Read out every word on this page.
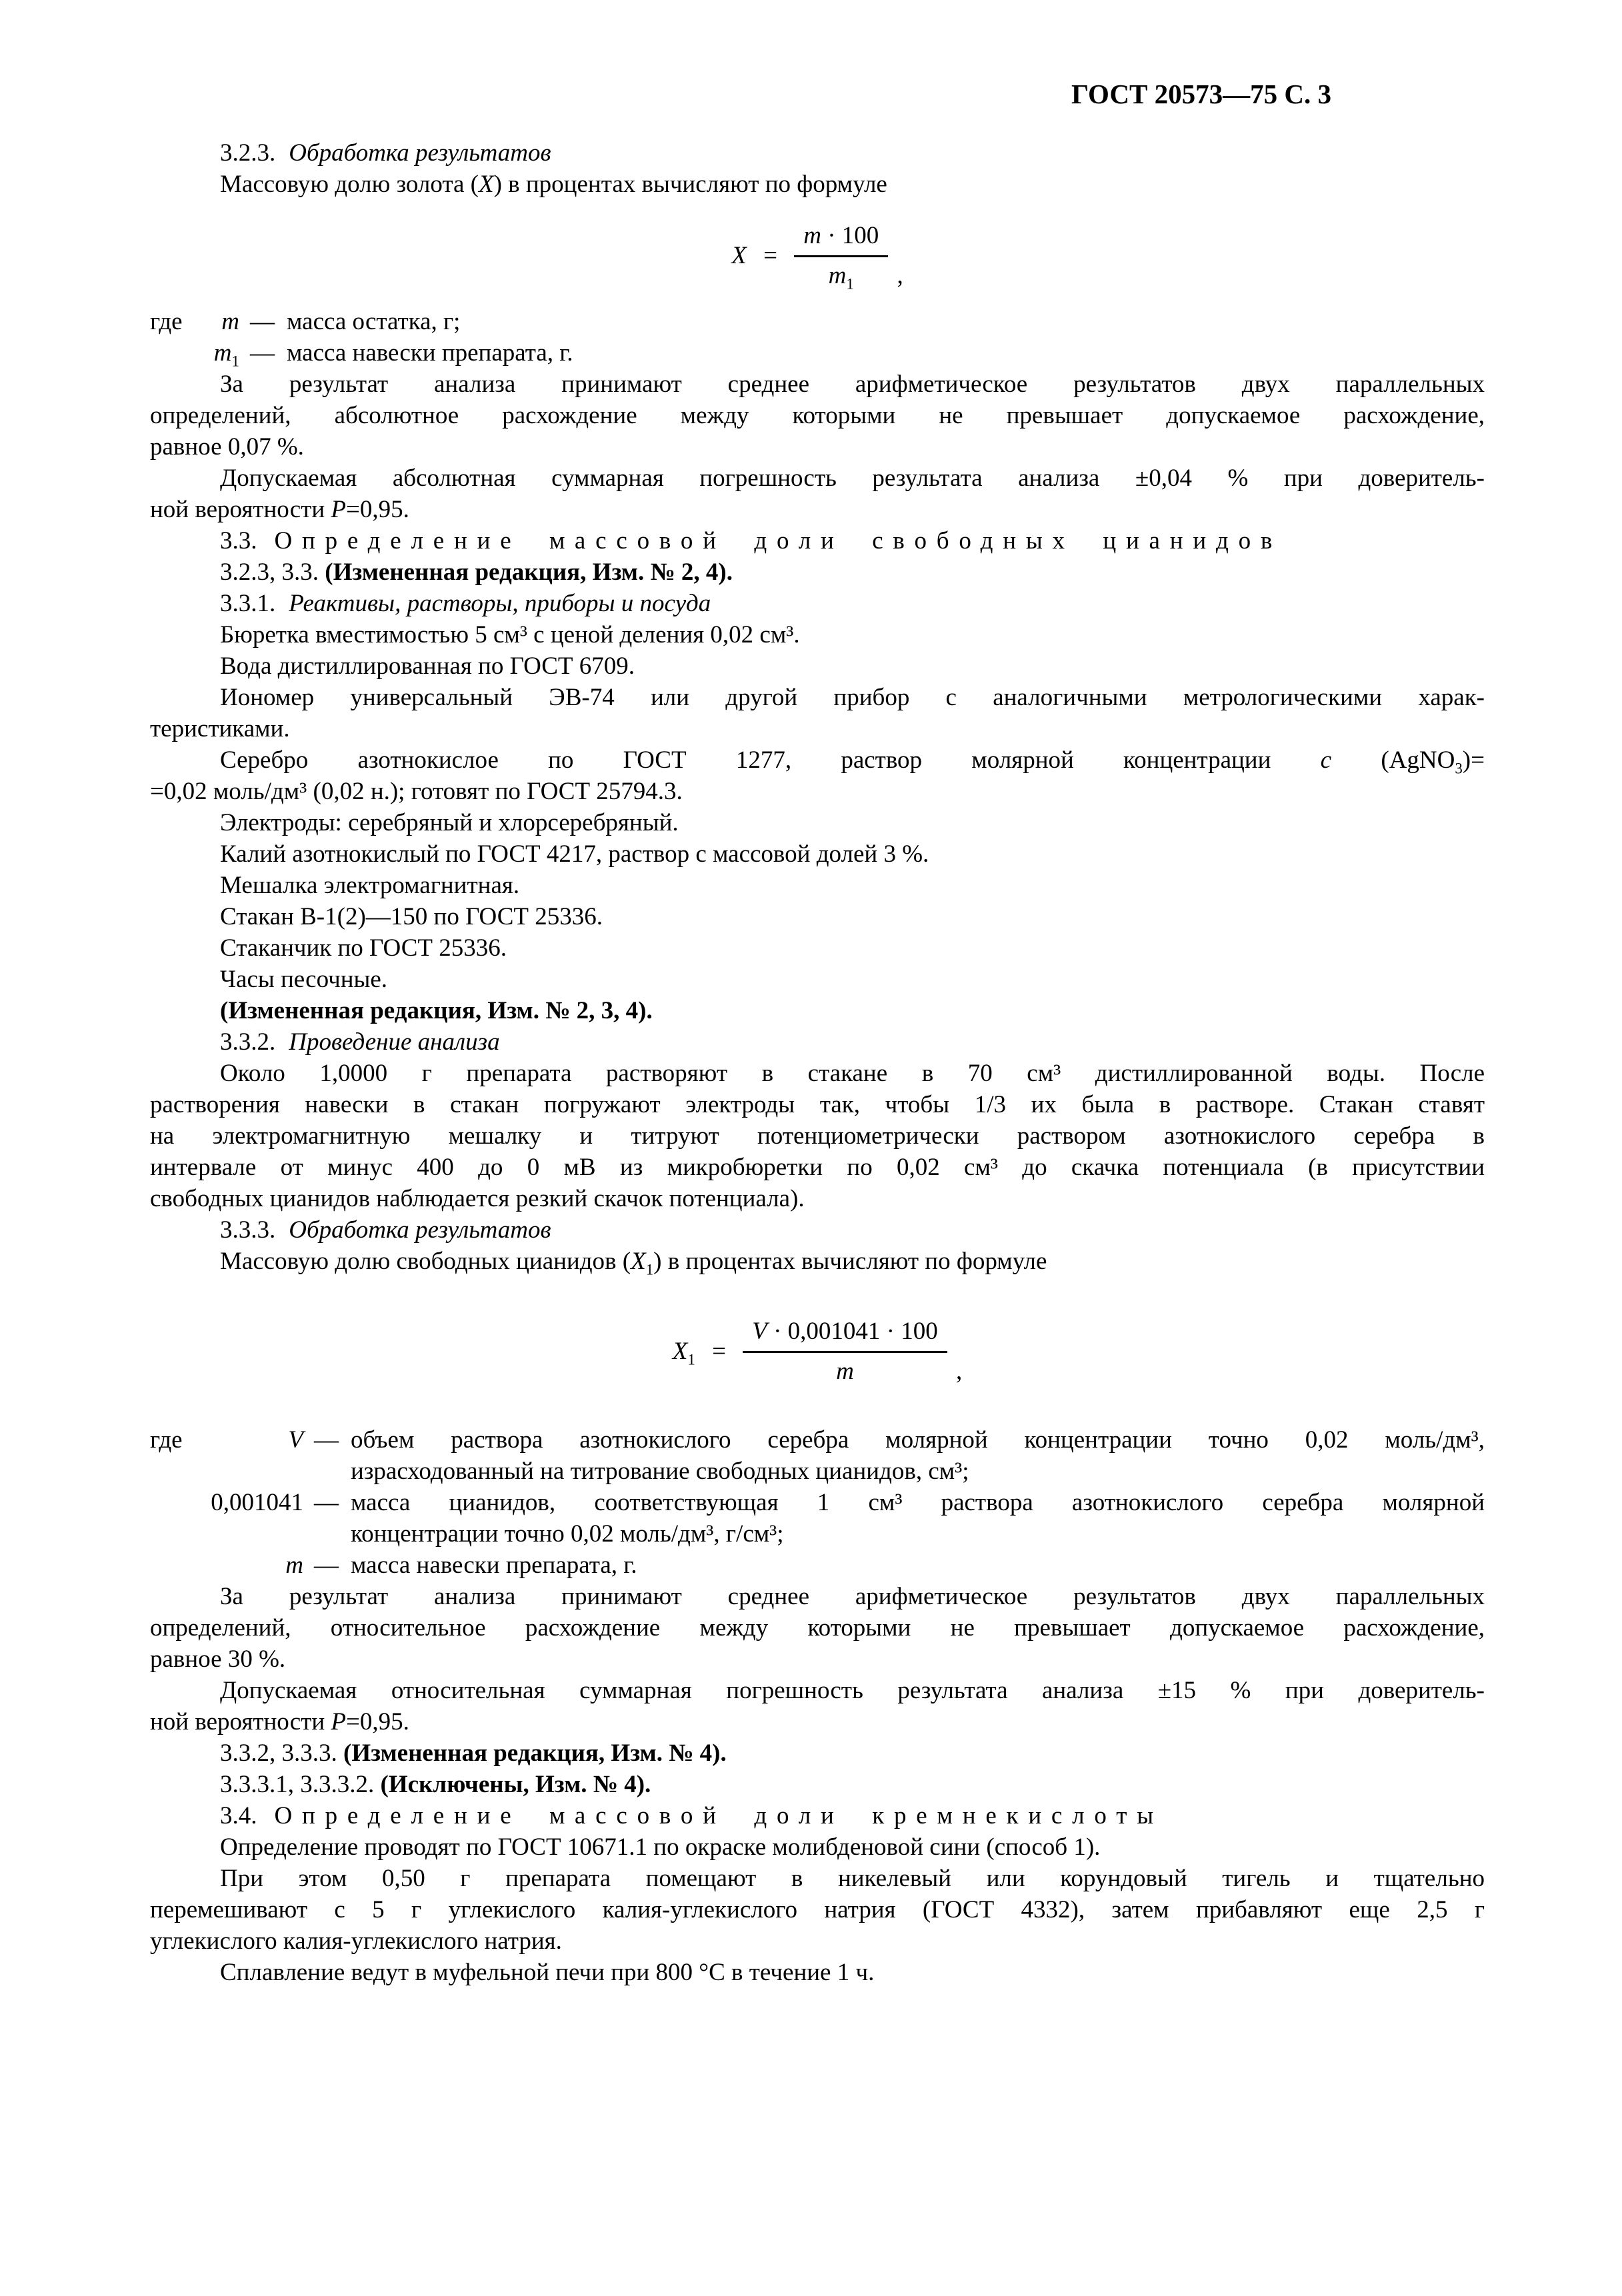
ГОСТ 20573—75 С. 3

3.2.3. Обработка результатов

Массовую долю золота (X) в процентах вычисляют по формуле

$X = \frac{m \cdot 100}{m_1}$ ,
где	m — масса остатка, г;
$m_1$ — масса навески препарата, г.
За результат анализа принимают среднее арифметическое результатов двух параллельных
определений, абсолютное расхождение между которыми не превышает допускаемое расхождение,
равное 0,07 %.
Допускаемая абсолютная суммарная погрешность результата анализа ±0,04 % при доверитель-
ной вероятности P=0,95.

3.3. Определение массовой доли свободных цианидов

3.2.3, 3.3. (Измененная редакция, Изм. № 2, 4).

3.3.1. Реактивы, растворы, приборы и посуда

Бюретка вместимостью 5 см³ с ценой деления 0,02 см³.

Вода дистиллированная по ГОСТ 6709.

Иономер универсальный ЭВ-74 или другой прибор с аналогичными метрологическими харак-
теристиками.
Серебро азотнокислое по ГОСТ 1277, раствор молярной концентрации с (AgNO$_3$)=
=0,02 моль/дм³ (0,02 н.); готовят по ГОСТ 25794.3.

Электроды: серебряный и хлорсеребряный.

Калий азотнокислый по ГОСТ 4217, раствор с массовой долей 3 %.

Мешалка электромагнитная.

Стакан В-1(2)—150 по ГОСТ 25336.

Стаканчик по ГОСТ 25336.

Часы песочные.

(Измененная редакция, Изм. № 2, 3, 4).

3.3.2. Проведение анализа

Около 1,0000 г препарата растворяют в стакане в 70 см³ дистиллированной воды. После
растворения навески в стакан погружают электроды так, чтобы 1/3 их была в растворе. Стакан ставят
на электромагнитную мешалку и титруют потенциометрически раствором азотнокислого серебра в
интервале от минус 400 до 0 мВ из микробюретки по 0,02 см³ до скачка потенциала (в присутствии
свободных цианидов наблюдается резкий скачок потенциала).

3.3.3. Обработка результатов

Массовую долю свободных цианидов $(X_1)$ в процентах вычисляют по формуле

$X_1 = \frac{V \cdot 0,001041 \cdot 100}{m}$ ,
где	V — объем раствора азотнокислого серебра молярной концентрации точно 0,02 моль/дм³,
израсходованный на титрование свободных цианидов, см³;
0,001041 — масса цианидов, соответствующая 1 см³ раствора азотнокислого серебра молярной
концентрации точно 0,02 моль/дм³, г/см³;
m — масса навески препарата, г.
За результат анализа принимают среднее арифметическое результатов двух параллельных
определений, относительное расхождение между которыми не превышает допускаемое расхождение,
равное 30 %.
Допускаемая относительная суммарная погрешность результата анализа ±15 % при доверитель-
ной вероятности P=0,95.

3.3.2, 3.3.3. (Измененная редакция, Изм. № 4).

3.3.3.1, 3.3.3.2. (Исключены, Изм. № 4).

3.4. Определение массовой доли кремнекислоты

Определение проводят по ГОСТ 10671.1 по окраске молибденовой сини (способ 1).

При этом 0,50 г препарата помещают в никелевый или корундовый тигель и тщательно
перемешивают с 5 г углекислого калия-углекислого натрия (ГОСТ 4332), затем прибавляют еще 2,5 г
углекислого калия-углекислого натрия.

Сплавление ведут в муфельной печи при 800 °С в течение 1 ч.
